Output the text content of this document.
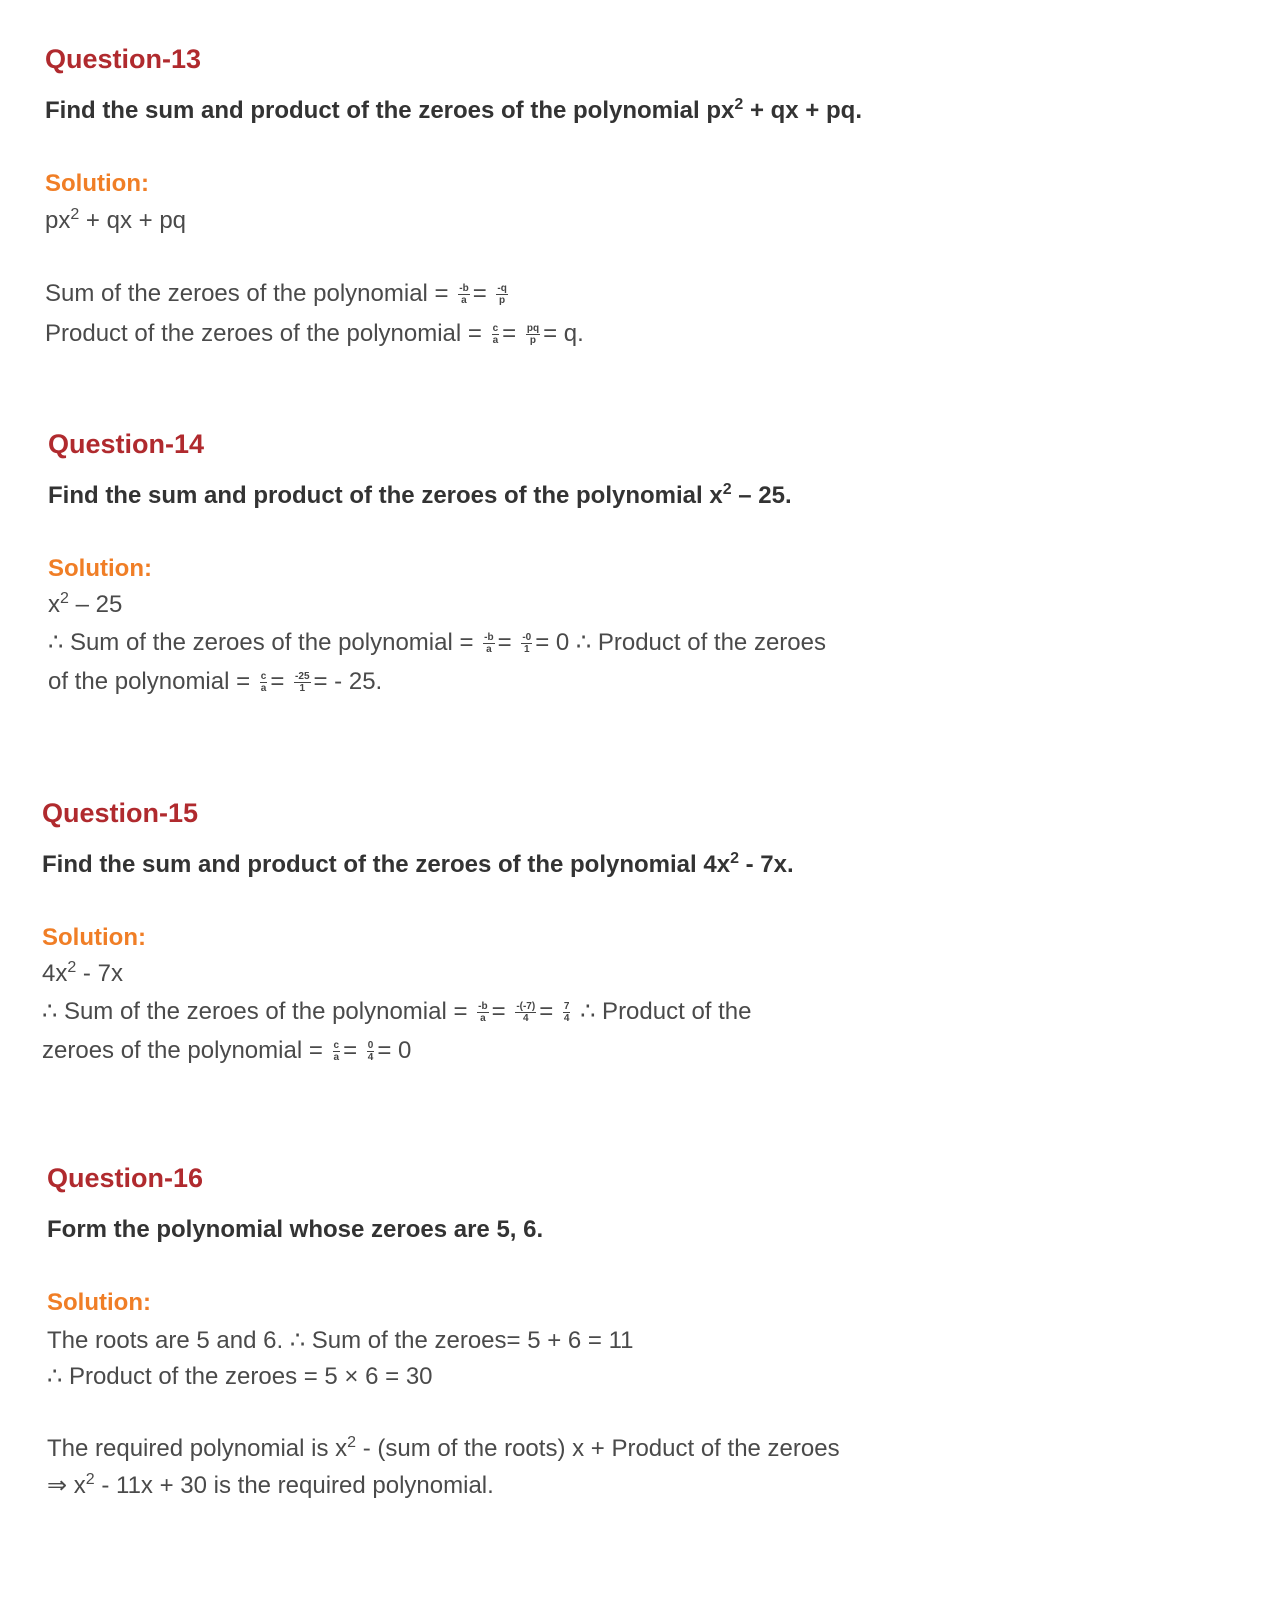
Question-13
Find the sum and product of the zeroes of the polynomial $px^2$ + qx + pq.
Solution:
$px^2$ + qx + pq
Sum of the zeroes of the polynomial = $\frac{-b}{a} = \frac{-q}{p}$
Product of the zeroes of the polynomial = $\frac{c}{a} = \frac{pq}{p} = q$.
Question-14
Find the sum and product of the zeroes of the polynomial $x^2 - 25$.
Solution:
$x^2 - 25$
∴ Sum of the zeroes of the polynomial = $\frac{-b}{a} = \frac{-0}{1} = 0$ ∴ Product of the zeroes
of the polynomial = $\frac{c}{a} = \frac{-25}{1}$ = - 25.
Question-15
Find the sum and product of the zeroes of the polynomial $4x^2 - 7x$.
Solution:
$4x^2 - 7x$
∴ Sum of the zeroes of the polynomial = $\frac{-b}{a} = \frac{-(-7)}{4} = \frac{7}{4}$ ∴ Product of the
zeroes of the polynomial = $\frac{c}{a} = \frac{0}{4} = 0$
Question-16
Form the polynomial whose zeroes are 5, 6.
Solution:
The roots are 5 and 6. ∴ Sum of the zeroes= 5 + 6 = 11
∴ Product of the zeroes = 5 × 6 = 30
The required polynomial is $x^2 - (sum$ of the roots) x + Product of the zeroes
⇒ $x^2 - 11x + 30$ is the required polynomial.
